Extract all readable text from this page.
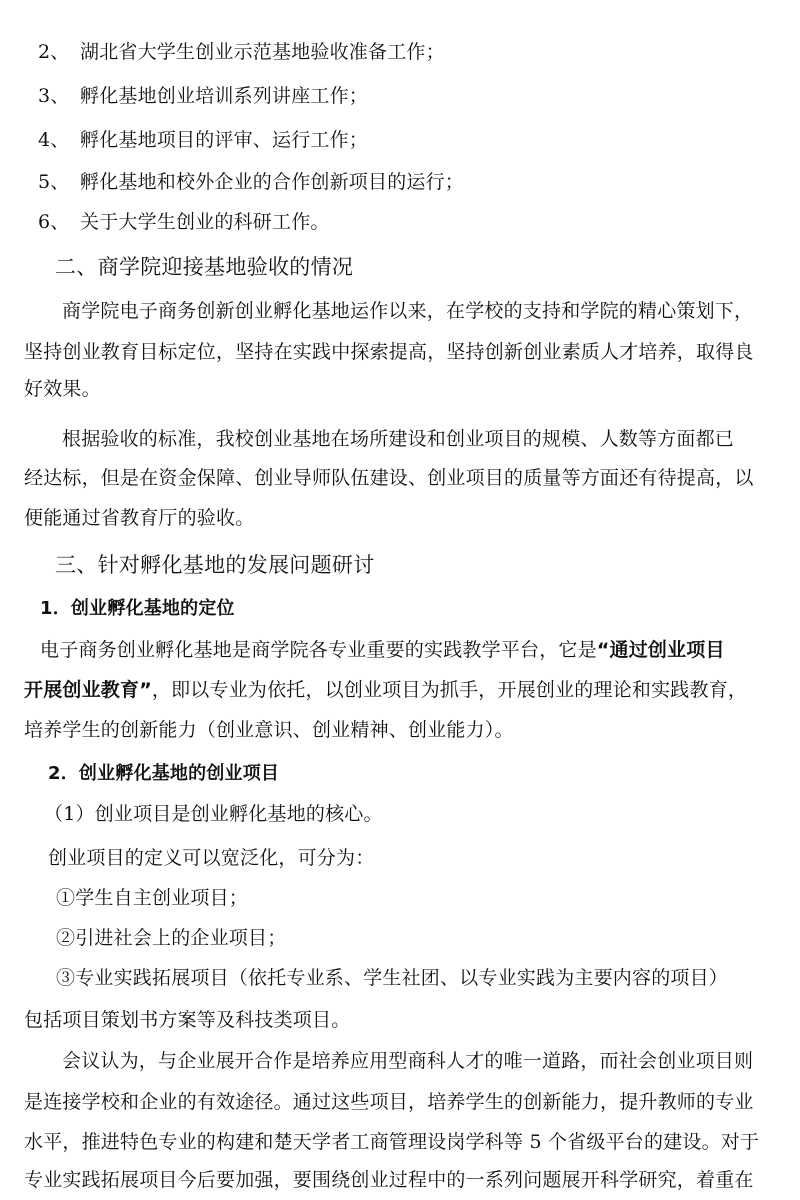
2、 湖北省大学生创业示范基地验收准备工作；
3、 孵化基地创业培训系列讲座工作；
4、 孵化基地项目的评审、运行工作；
5、 孵化基地和校外企业的合作创新项目的运行；
6、 关于大学生创业的科研工作。
二、商学院迎接基地验收的情况
商学院电子商务创新创业孵化基地运作以来，在学校的支持和学院的精心策划下，
坚持创业教育目标定位，坚持在实践中探索提高，坚持创新创业素质人才培养，取得良
好效果。
根据验收的标准，我校创业基地在场所建设和创业项目的规模、人数等方面都已
经达标，但是在资金保障、创业导师队伍建设、创业项目的质量等方面还有待提高，以
便能通过省教育厅的验收。
三、针对孵化基地的发展问题研讨
1．创业孵化基地的定位
电子商务创业孵化基地是商学院各专业重要的实践教学平台，它是“通过创业项目
开展创业教育”，即以专业为依托，以创业项目为抓手，开展创业的理论和实践教育，
培养学生的创新能力（创业意识、创业精神、创业能力）。
2．创业孵化基地的创业项目
（1）创业项目是创业孵化基地的核心。
创业项目的定义可以宽泛化，可分为：
①学生自主创业项目；
②引进社会上的企业项目；
③专业实践拓展项目（依托专业系、学生社团、以专业实践为主要内容的项目）
包括项目策划书方案等及科技类项目。
会议认为，与企业展开合作是培养应用型商科人才的唯一道路，而社会创业项目则
是连接学校和企业的有效途径。通过这些项目，培养学生的创新能力，提升教师的专业
水平，推进特色专业的构建和楚天学者工商管理设岗学科等 5 个省级平台的建设。对于
专业实践拓展项目今后要加强，要围绕创业过程中的一系列问题展开科学研究，着重在
